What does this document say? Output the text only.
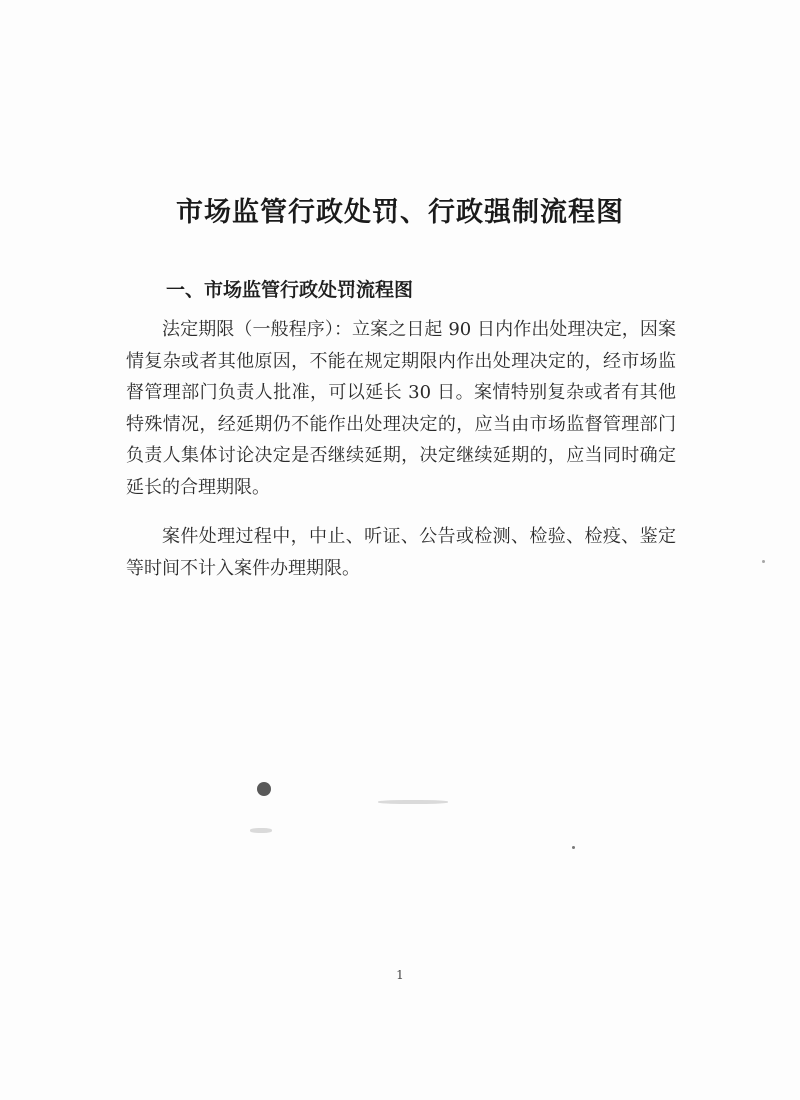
市场监管行政处罚、行政强制流程图
一、市场监管行政处罚流程图

法定期限（一般程序）：立案之日起 90 日内作出处理决定，因案情复杂或者其他原因，不能在规定期限内作出处理决定的，经市场监督管理部门负责人批准，可以延长 30 日。案情特别复杂或者有其他特殊情况，经延期仍不能作出处理决定的，应当由市场监督管理部门负责人集体讨论决定是否继续延期，决定继续延期的，应当同时确定延长的合理期限。

案件处理过程中，中止、听证、公告或检测、检验、检疫、鉴定等时间不计入案件办理期限。

1
